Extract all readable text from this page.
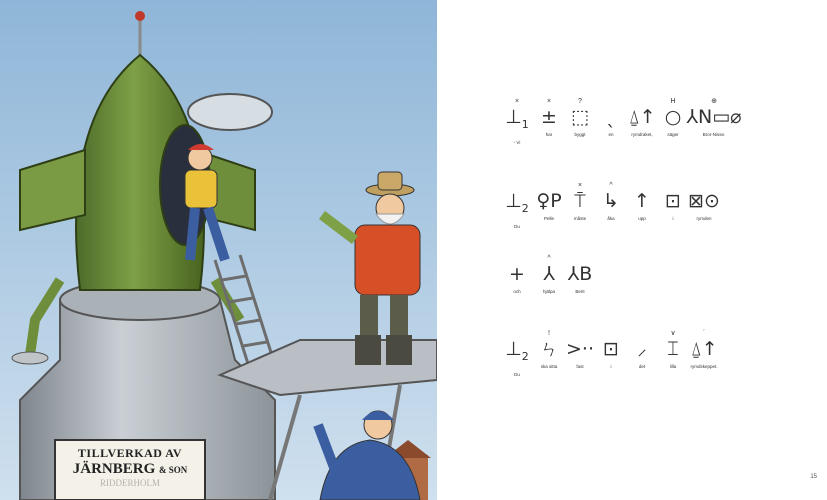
TILLVERKAD AV
JÄRNBERG & SON
RIDDERHOLM
×
$\perp_1$
- Vi
×
±
har
?
⬚
byggt
ˎ
en
⍙↑
rymdraket,
H
○
säger
⊕
⅄N▭⌀
Bror-Nisse.
$\perp_2$
Du
♀P
Pelle
×
⍑
måste
^
↳
åka
↑
upp
⊡
i
⊠⊙
rymden
+
och
^
⅄
hjälpa
⅄B
Berit
$\perp_2$
Du
!
ㄣ
ska sitta
>··
fast
⊡
i
⸝
det
∨
⌶
lilla
´
⍙↑
rymdskeppet.
15
